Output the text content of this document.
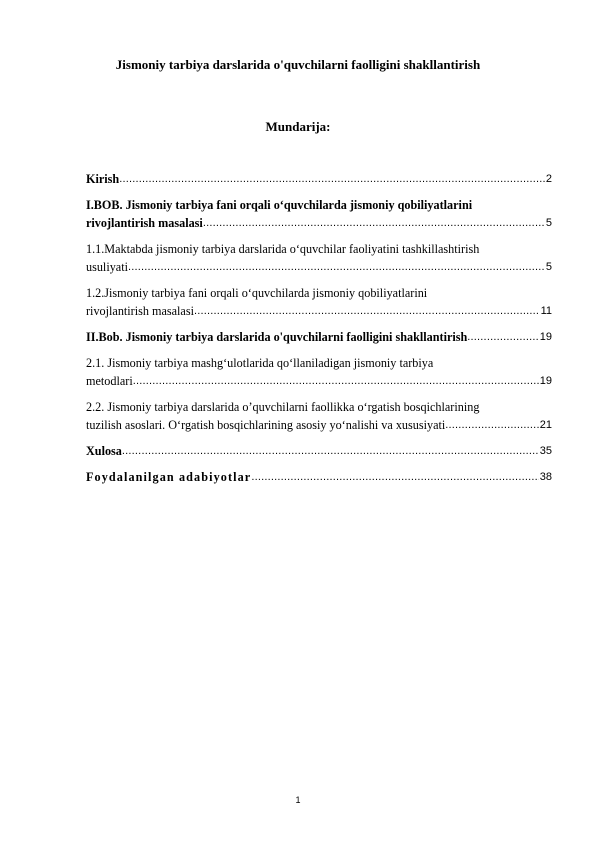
Jismoniy tarbiya darslarida o'quvchilarni faolligini shakllantirish
Mundarija:
Kirish .....	2
I.BOB. Jismoniy tarbiya fani orqali o‘quvchilarda jismoniy qobiliyatlarini
rivojlantirish masalasi .....	5
1.1.Maktabda jismoniy tarbiya darslarida o‘quvchilar faoliyatini tashkillashtirish
usuliyati .....	5
1.2.Jismoniy tarbiya fani orqali o‘quvchilarda jismoniy qobiliyatlarini
rivojlantirish masalasi .....	11
II.Bob. Jismoniy tarbiya darslarida o'quvchilarni faolligini shakllantirish .....	19
2.1. Jismoniy tarbiya mashg‘ulotlarida qo‘llaniladigan jismoniy tarbiya
metodlari .....	19
2.2. Jismoniy tarbiya darslarida o’quvchilarni faollikka o‘rgatish bosqichlarining
tuzilish asoslari. O‘rgatish bosqichlarining asosiy yo‘nalishi va xususiyati .....	21
Xulosa .....	35
Foydalanilgan adabiyotlar .....	38
1
